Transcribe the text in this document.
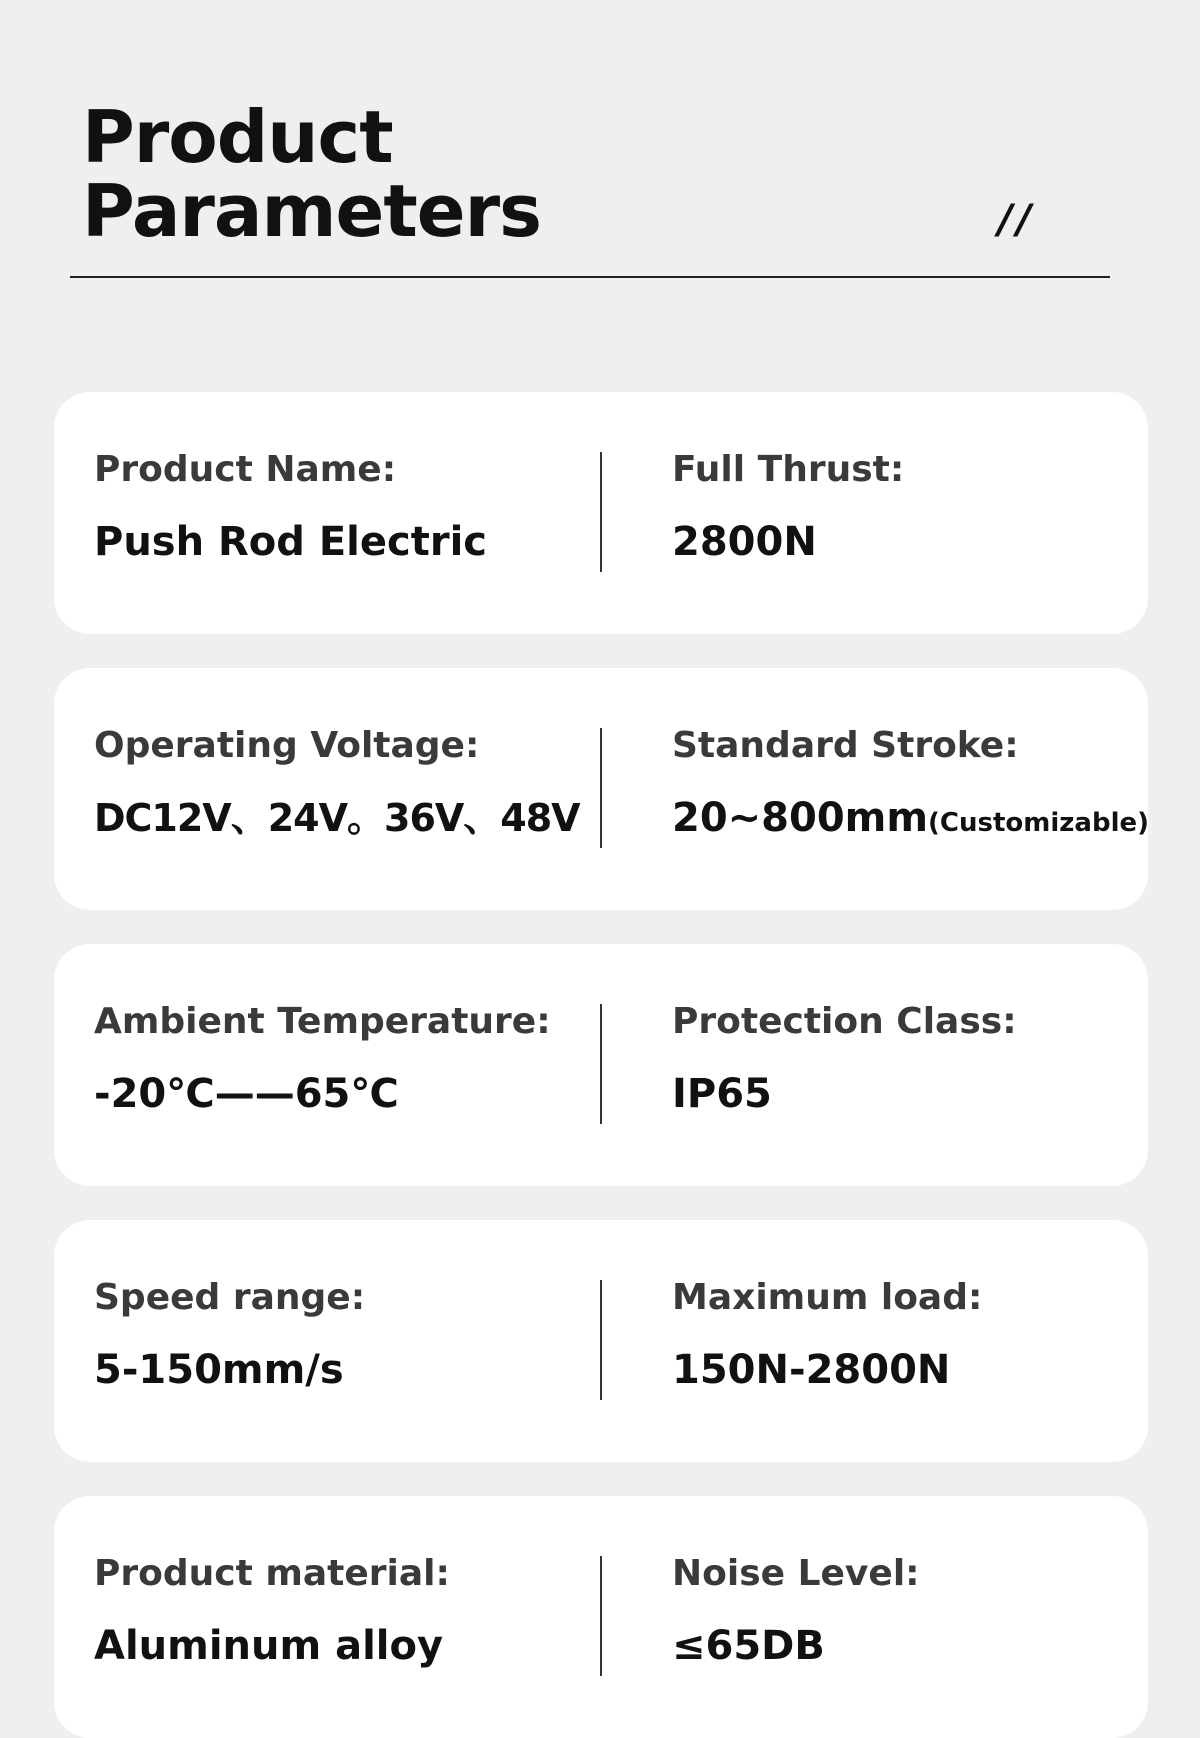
Product
Parameters	//
Product Name:
Push Rod Electric
Full Thrust:
2800N
Operating Voltage:
DC12V、24V。36V、48V
Standard Stroke:
20~800mm(Customizable)
Ambient Temperature:
-20℃——65℃
Protection Class:
IP65
Speed range:
5-150mm/s
Maximum load:
150N-2800N
Product material:
Aluminum alloy
Noise Level:
≤65DB
